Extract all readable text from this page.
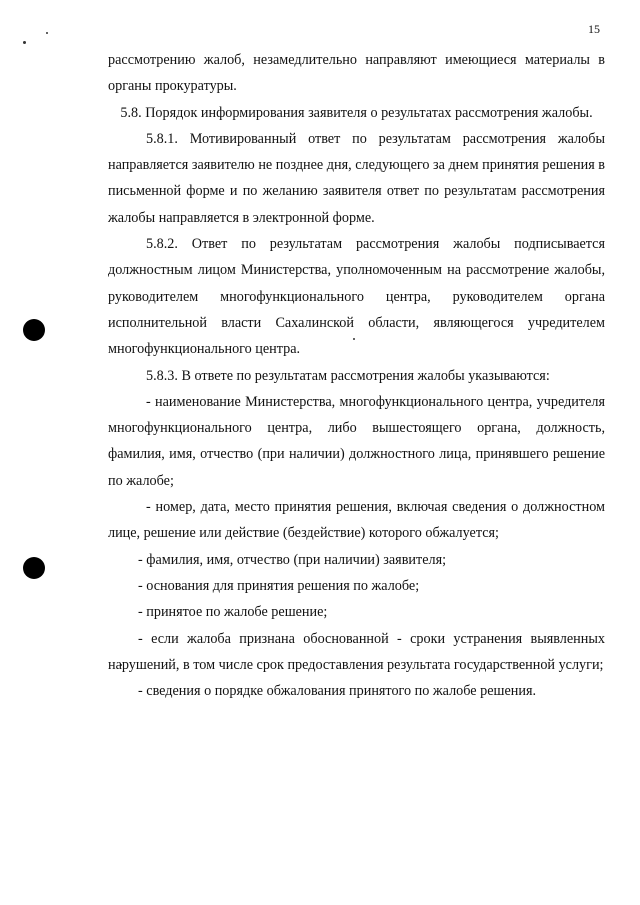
15

рассмотрению жалоб, незамедлительно направляют имеющиеся материалы в органы прокуратуры.

5.8. Порядок информирования заявителя о результатах рассмотрения жалобы.

5.8.1. Мотивированный ответ по результатам рассмотрения жалобы направляется заявителю не позднее дня, следующего за днем принятия решения в письменной форме и по желанию заявителя ответ по результатам рассмотрения жалобы направляется в электронной форме.

5.8.2. Ответ по результатам рассмотрения жалобы подписывается должностным лицом Министерства, уполномоченным на рассмотрение жалобы, руководителем многофункционального центра, руководителем органа исполнительной власти Сахалинской области, являющегося учредителем многофункционального центра.

5.8.3. В ответе по результатам рассмотрения жалобы указываются:

- наименование Министерства, многофункционального центра, учредителя многофункционального центра, либо вышестоящего органа, должность, фамилия, имя, отчество (при наличии) должностного лица, принявшего решение по жалобе;

- номер, дата, место принятия решения, включая сведения о должностном лице, решение или действие (бездействие) которого обжалуется;

- фамилия, имя, отчество (при наличии) заявителя;

- основания для принятия решения по жалобе;

- принятое по жалобе решение;

- если жалоба признана обоснованной - сроки устранения выявленных нарушений, в том числе срок предоставления результата государственной услуги;

- сведения о порядке обжалования принятого по жалобе решения.
